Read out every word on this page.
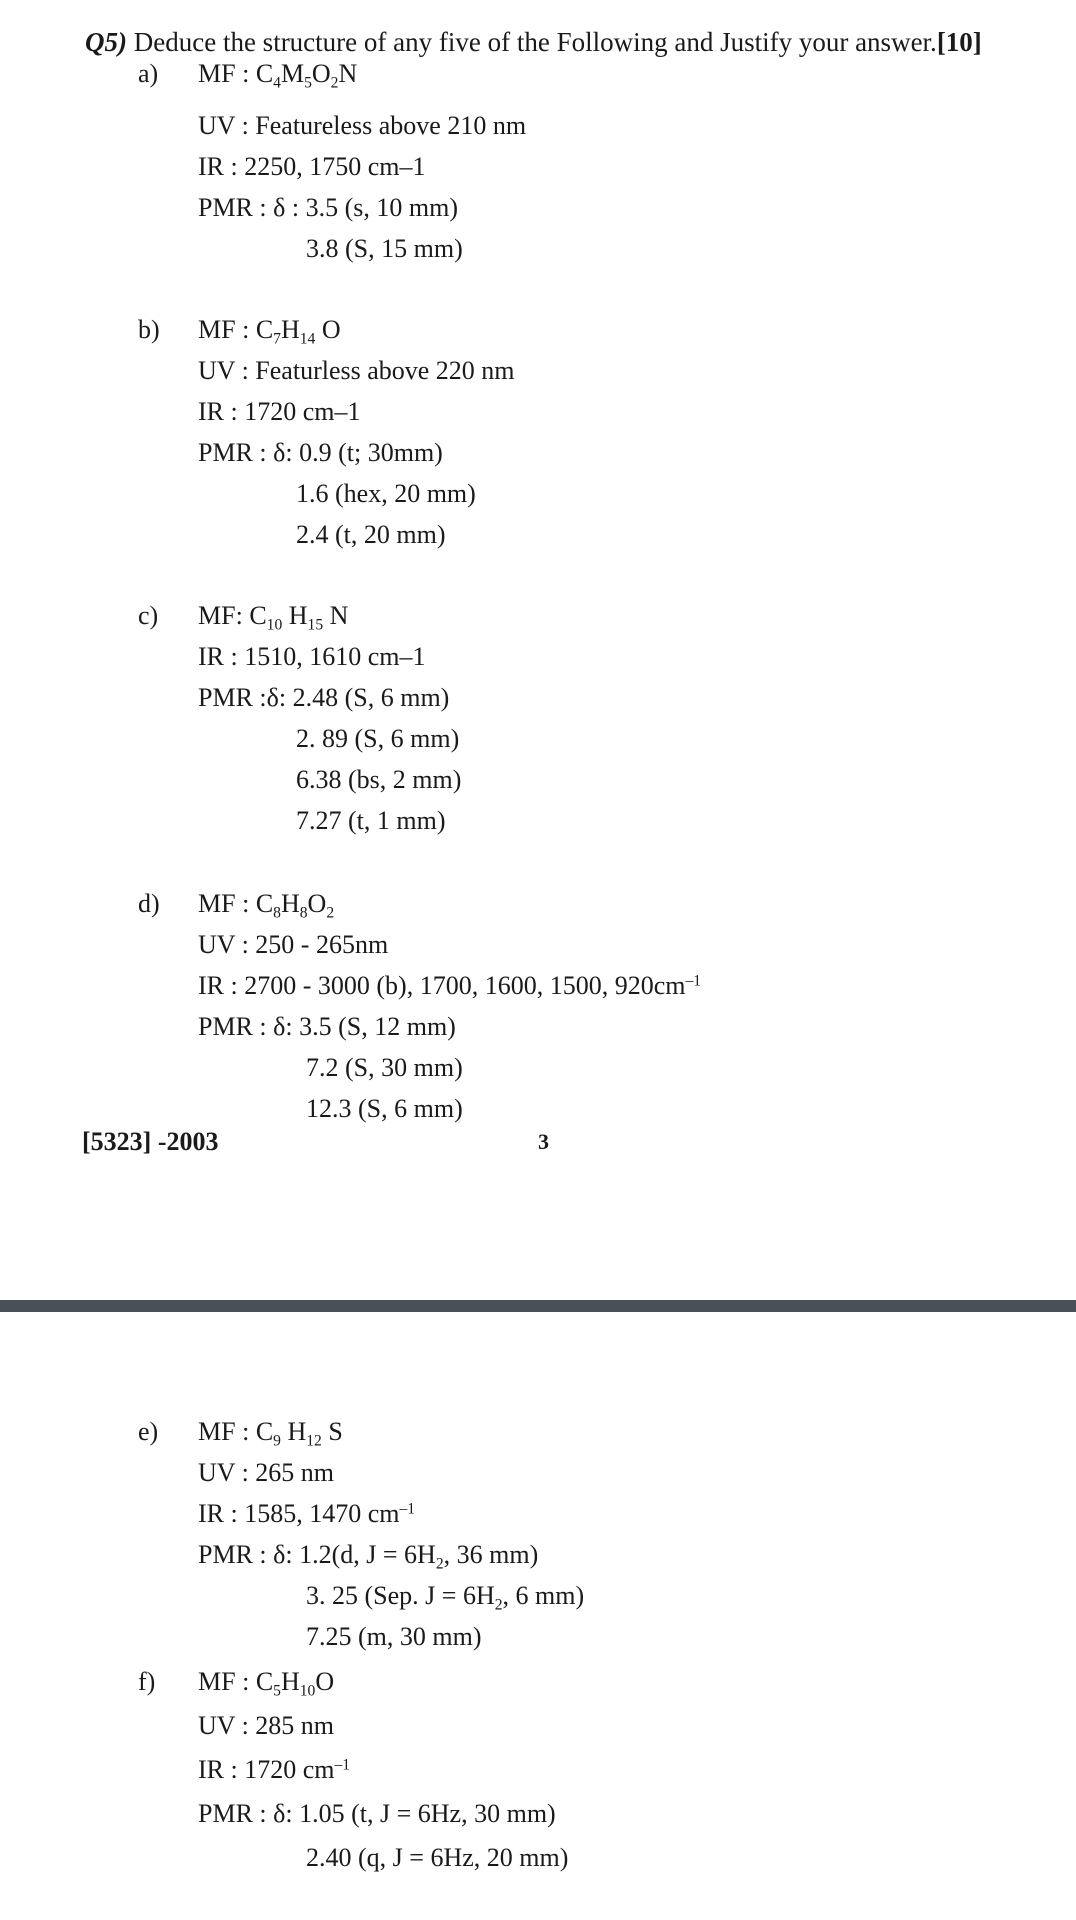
Q5) Deduce the structure of any five of the Following and Justify your answer.[10]
a) MF : $C_4M_5O_2N$
UV : Featureless above 210 nm
IR : 2250, 1750 cm–1
PMR : δ : 3.5 (s, 10 mm)
3.8 (S, 15 mm)
b) MF : $C_7H_{14}$ O
UV : Featurless above 220 nm
IR : 1720 cm–1
PMR : δ: 0.9 (t; 30mm)
1.6 (hex, 20 mm)
2.4 (t, 20 mm)
c) MF: $C_{10}$ $H_{15}$ N
IR : 1510, 1610 cm–1
PMR :δ: 2.48 (S, 6 mm)
2. 89 (S, 6 mm)
6.38 (bs, 2 mm)
7.27 (t, 1 mm)
d) MF : $C_8H_8O_2$
UV : 250 - 265nm
IR : 2700 - 3000 (b), 1700, 1600, 1500, $920cm^{-1}$
PMR : δ: 3.5 (S, 12 mm)
7.2 (S, 30 mm)
12.3 (S, 6 mm)
[5323] -2003	3
e) MF : $C_9$ $H_{12}$ S
UV : 265 nm
IR : 1585, 1470 $cm^{-1}$
PMR : δ: 1.2(d, $J = 6H_2$, 36 mm)
3. 25 (Sep. $J = 6H_2$, 6 mm)
7.25 (m, 30 mm)
f) MF : $C_5H_{10}O$
UV : 285 nm
IR : 1720 $cm^{-1}$
PMR : δ: 1.05 (t, J = 6Hz, 30 mm)
2.40 (q, J = 6Hz, 20 mm)
